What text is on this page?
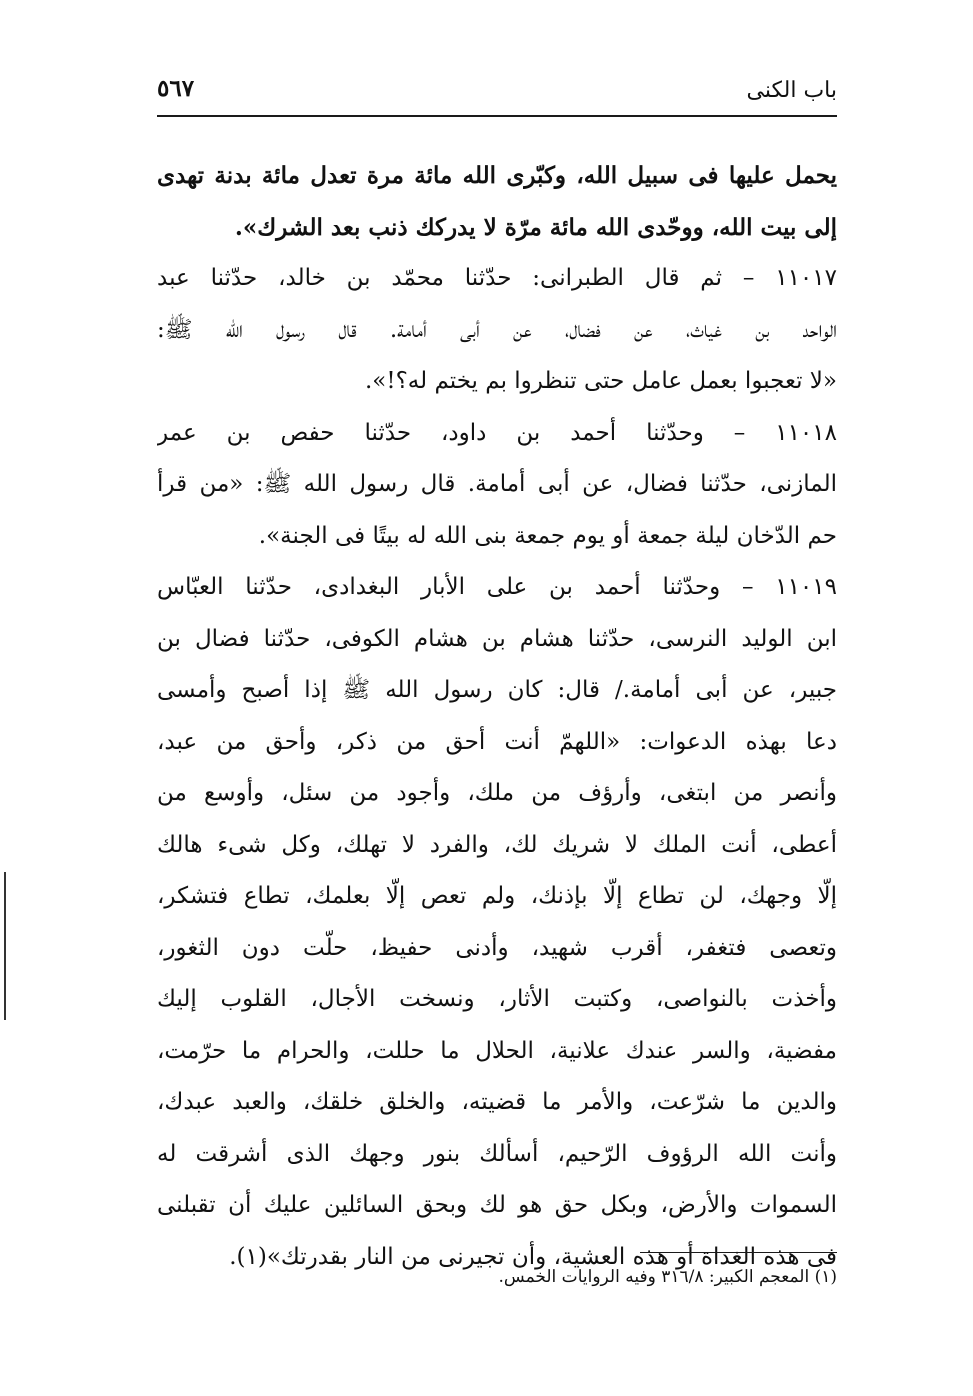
باب الكنى
٥٦٧
يحمل عليها فى سبيل الله، وكبّرى الله مائة مرة تعدل مائة بدنة تهدى
إلى بيت الله، ووحّدى الله مائة مرّة لا يدركك ذنب بعد الشرك».
١١٠١٧ – ثم قال الطبرانى: حدّثنا محمّد بن خالد، حدّثنا عبد
الواحد بن غياث، عن فضال، عن أبى أمامة. قال رسول الله ﷺ:
«لا تعجبوا بعمل عامل حتى تنظروا بم يختم له؟!».
١١٠١٨ – وحدّثنا أحمد بن داود، حدّثنا حفص بن عمر
المازنى، حدّثنا فضال، عن أبى أمامة. قال رسول الله ﷺ: «من قرأ
حم الدّخان ليلة جمعة أو يوم جمعة بنى الله له بيتًا فى الجنة».
١١٠١٩ – وحدّثنا أحمد بن على الأبار البغدادى، حدّثنا العبّاس
ابن الوليد النرسى، حدّثنا هشام بن هشام الكوفى، حدّثنا فضال بن
جبير، عن أبى أمامة./ قال: كان رسول الله ﷺ إذا أصبح وأمسى
دعا بهذه الدعوات: «اللهمّ أنت أحق من ذكر، وأحق من عبد،
وأنصر من ابتغى، وأرؤف من ملك، وأجود من سئل، وأوسع من
أعطى، أنت الملك لا شريك لك، والفرد لا تهلك، وكل شىء هالك
إلّا وجهك، لن تطاع إلّا بإذنك، ولم تعص إلّا بعلمك، تطاع فتشكر،
وتعصى فتغفر، أقرب شهيد، وأدنى حفيظ، حلّت دون الثغور،
وأخذت بالنواصى، وكتبت الأثار، ونسخت الأجال، القلوب إليك
مفضية، والسر عندك علانية، الحلال ما حللت، والحرام ما حرّمت،
والدين ما شرّعت، والأمر ما قضيته، والخلق خلقك، والعبد عبدك،
وأنت الله الرؤوف الرّحيم، أسألك بنور وجهك الذى أشرقت له
السموات والأرض، وبكل حق هو لك وبحق السائلين عليك أن تقبلنى
فى هذه الغداة أو هذه العشية، وأن تجيرنى من النار بقدرتك»(١).
(١) المعجم الكبير: ٣١٦/٨ وفيه الروايات الخمس.
